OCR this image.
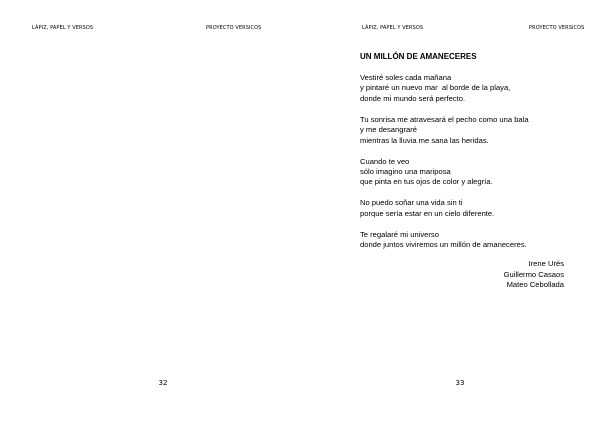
LÁPIZ, PAPEL Y VERSOS	PROYECTO VERSICOS
32
LÁPIZ, PAPEL Y VERSOS	PROYECTO VERSICOS
UN MILLÓN DE AMANECERES
Vestiré soles cada mañana
y pintaré un nuevo mar  al borde de la playa,
donde mi mundo será perfecto.
Tu sonrisa me atravesará el pecho como una bala
y me desangraré
mientras la lluvia me sana las heridas.
Cuando te veo
sólo imagino una mariposa
que pinta en tus ojos de color y alegría.
No puedo soñar una vida sin ti
porque sería estar en un cielo diferente.
Te regalaré mi universo
donde juntos viviremos un millón de amaneceres.
Irene Urés
Guillermo Casaos
Mateo Cebollada
33
